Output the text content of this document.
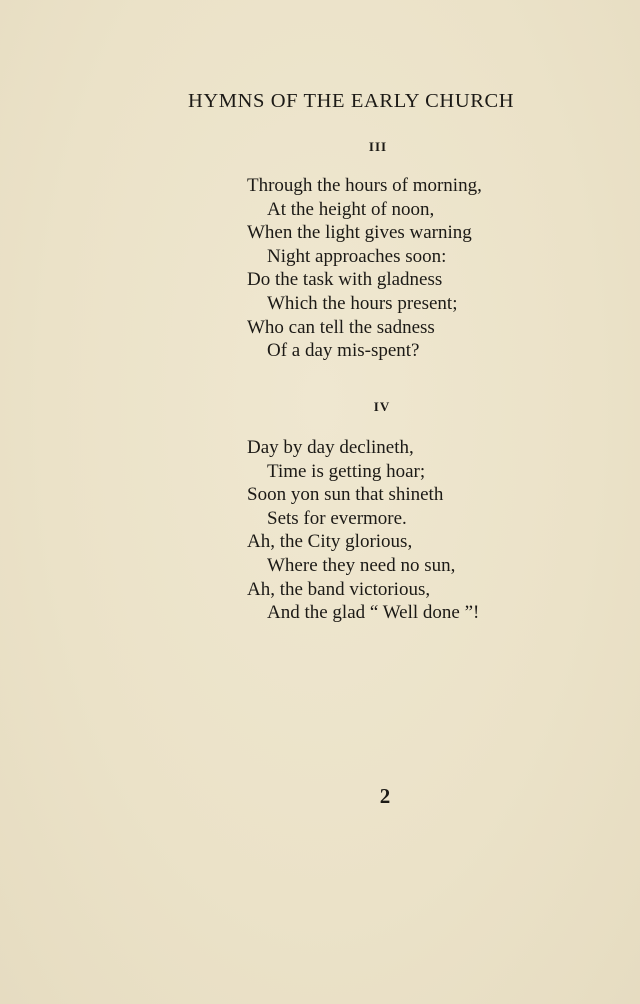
HYMNS OF THE EARLY CHURCH
III
Through the hours of morning,
At the height of noon,
When the light gives warning
Night approaches soon:
Do the task with gladness
Which the hours present;
Who can tell the sadness
Of a day mis-spent?
IV
Day by day declineth,
Time is getting hoar;
Soon yon sun that shineth
Sets for evermore.
Ah, the City glorious,
Where they need no sun,
Ah, the band victorious,
And the glad “ Well done ”!
2
